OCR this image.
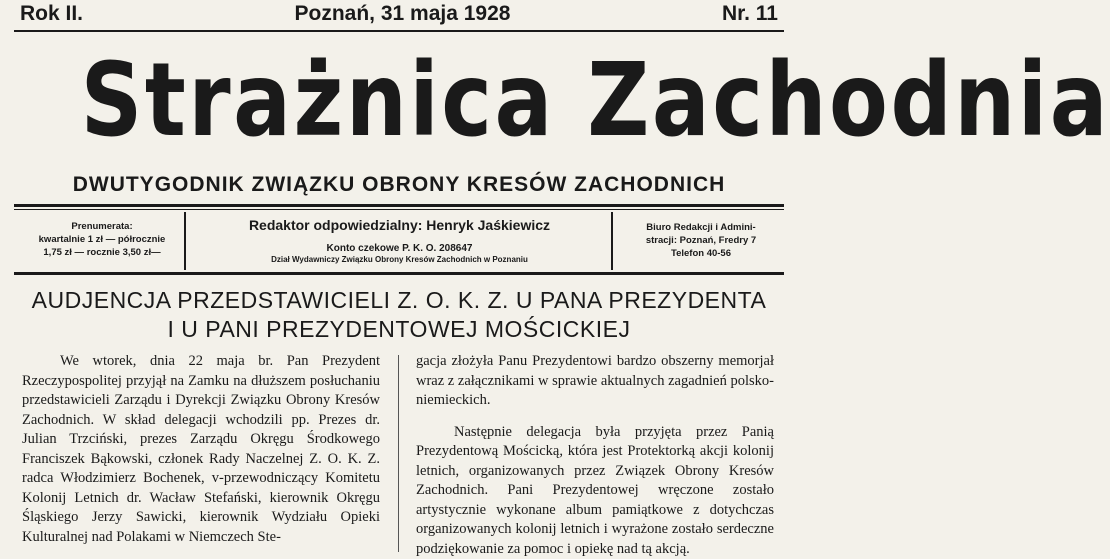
Rok II.	Poznań, 31 maja 1928	Nr. 11
Strażnica Zachodnia
DWUTYGODNIK ZWIĄZKU OBRONY KRESÓW ZACHODNICH
Prenumerata:
kwartalnie 1 zł — półrocznie
1,75 zł — rocznie 3,50 zł—
Redaktor odpowiedzialny: Henryk Jaśkiewicz
Konto czekowe P. K. O. 208647
Dział Wydawniczy Związku Obrony Kresów Zachodnich w Poznaniu
Biuro Redakcji i Admini-
stracji: Poznań, Fredry 7
Telefon 40-56
AUDJENCJA PRZEDSTAWICIELI Z. O. K. Z. U PANA PREZYDENTA
I U PANI PREZYDENTOWEJ MOŚCICKIEJ

We wtorek, dnia 22 maja br. Pan Prezydent Rzeczypospolitej przyjął na Zamku na dłuższem posłuchaniu przedstawicieli Zarządu i Dyrekcji Związku Obrony Kresów Zachodnich. W skład delegacji wchodzili pp. Prezes dr. Julian Trzciński, prezes Zarządu Okręgu Środkowego Franciszek Bąkowski, członek Rady Naczelnej Z. O. K. Z. radca Włodzimierz Bochenek, v-przewodniczący Komitetu Kolonij Letnich dr. Wacław Stefański, kierownik Okręgu Śląskiego Jerzy Sawicki, kierownik Wydziału Opieki Kulturalnej nad Polakami w Niemczech Ste-

gacja złożyła Panu Prezydentowi bardzo obszerny memorjał wraz z załącznikami w sprawie aktualnych zagadnień polsko-niemieckich.

Następnie delegacja była przyjęta przez Panią Prezydentową Mościcką, która jest Protektorką akcji kolonij letnich, organizowanych przez Związek Obrony Kresów Zachodnich. Pani Prezydentowej wręczone zostało artystycznie wykonane album pamiątkowe z dotychczas organizowanych kolonij letnich i wyrażone zostało serdeczne podziękowanie za pomoc i opiekę nad tą akcją.
